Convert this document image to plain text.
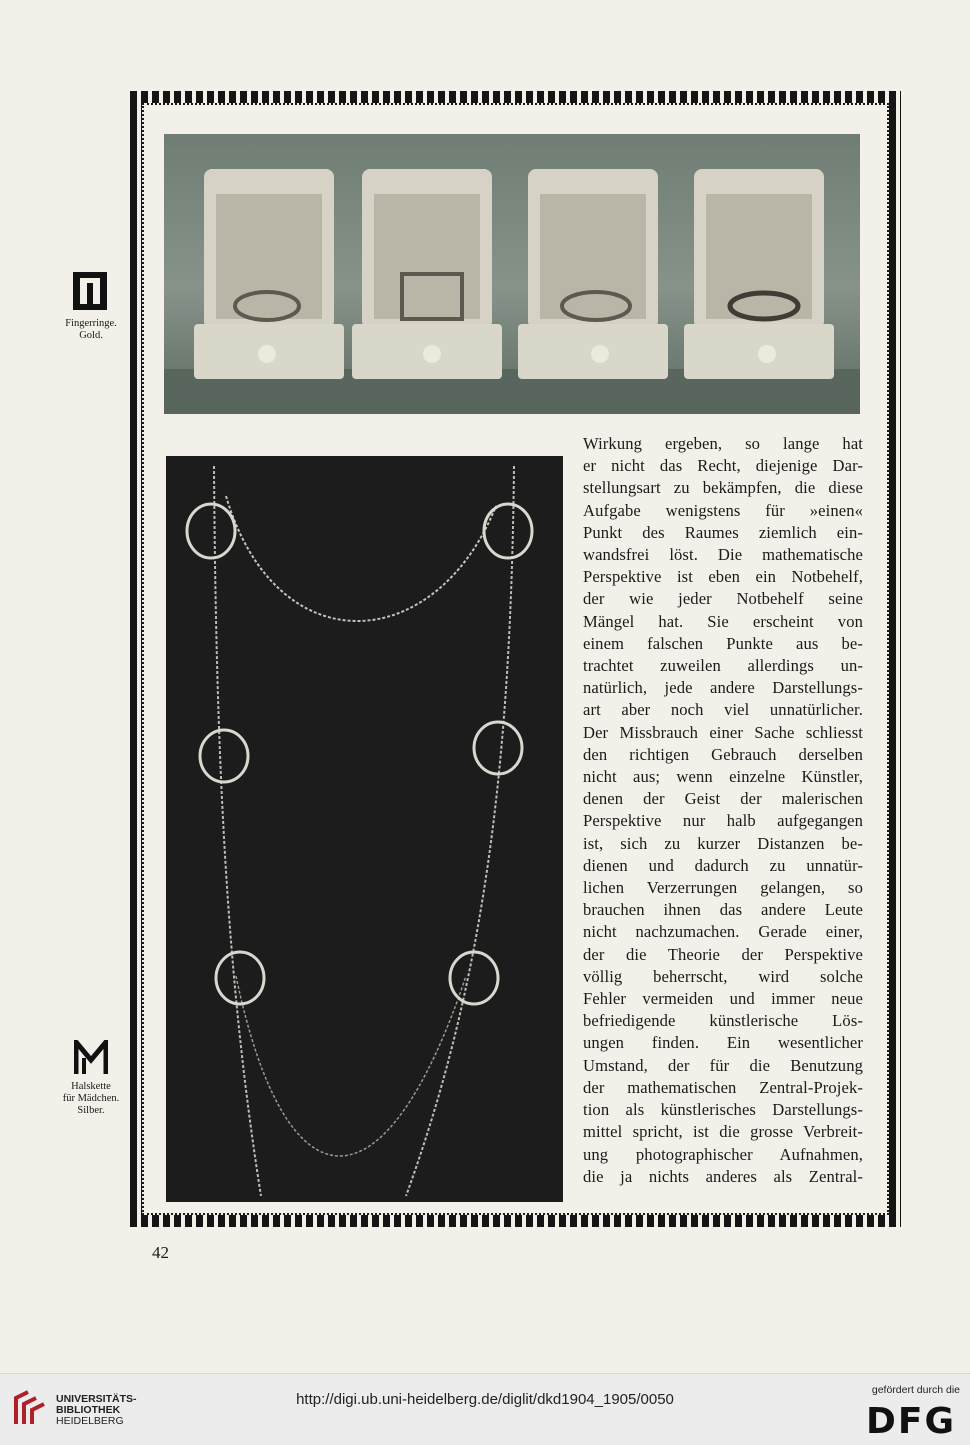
Fingerringe.
Gold.
Halskette
für Mädchen.
Silber.
Wirkung ergeben, so lange hat
er nicht das Recht, diejenige Dar-
stellungsart zu bekämpfen, die diese
Aufgabe wenigstens für »einen«
Punkt des Raumes ziemlich ein-
wandsfrei löst. Die mathematische
Perspektive ist eben ein Notbehelf,
der wie jeder Notbehelf seine
Mängel hat. Sie erscheint von
einem falschen Punkte aus be-
trachtet zuweilen allerdings un-
natürlich, jede andere Darstellungs-
art aber noch viel unnatürlicher.
Der Missbrauch einer Sache schliesst
den richtigen Gebrauch derselben
nicht aus; wenn einzelne Künstler,
denen der Geist der malerischen
Perspektive nur halb aufgegangen
ist, sich zu kurzer Distanzen be-
dienen und dadurch zu unnatür-
lichen Verzerrungen gelangen, so
brauchen ihnen das andere Leute
nicht nachzumachen. Gerade einer,
der die Theorie der Perspektive
völlig beherrscht, wird solche
Fehler vermeiden und immer neue
befriedigende künstlerische Lös-
ungen finden. Ein wesentlicher
Umstand, der für die Benutzung
der mathematischen Zentral-Projek-
tion als künstlerisches Darstellungs-
mittel spricht, ist die grosse Verbreit-
ung photographischer Aufnahmen,
die ja nichts anderes als Zentral-
42
UNIVERSITÄTS-
BIBLIOTHEK
HEIDELBERG
http://digi.ub.uni-heidelberg.de/diglit/dkd1904_1905/0050
gefördert durch die
DFG
